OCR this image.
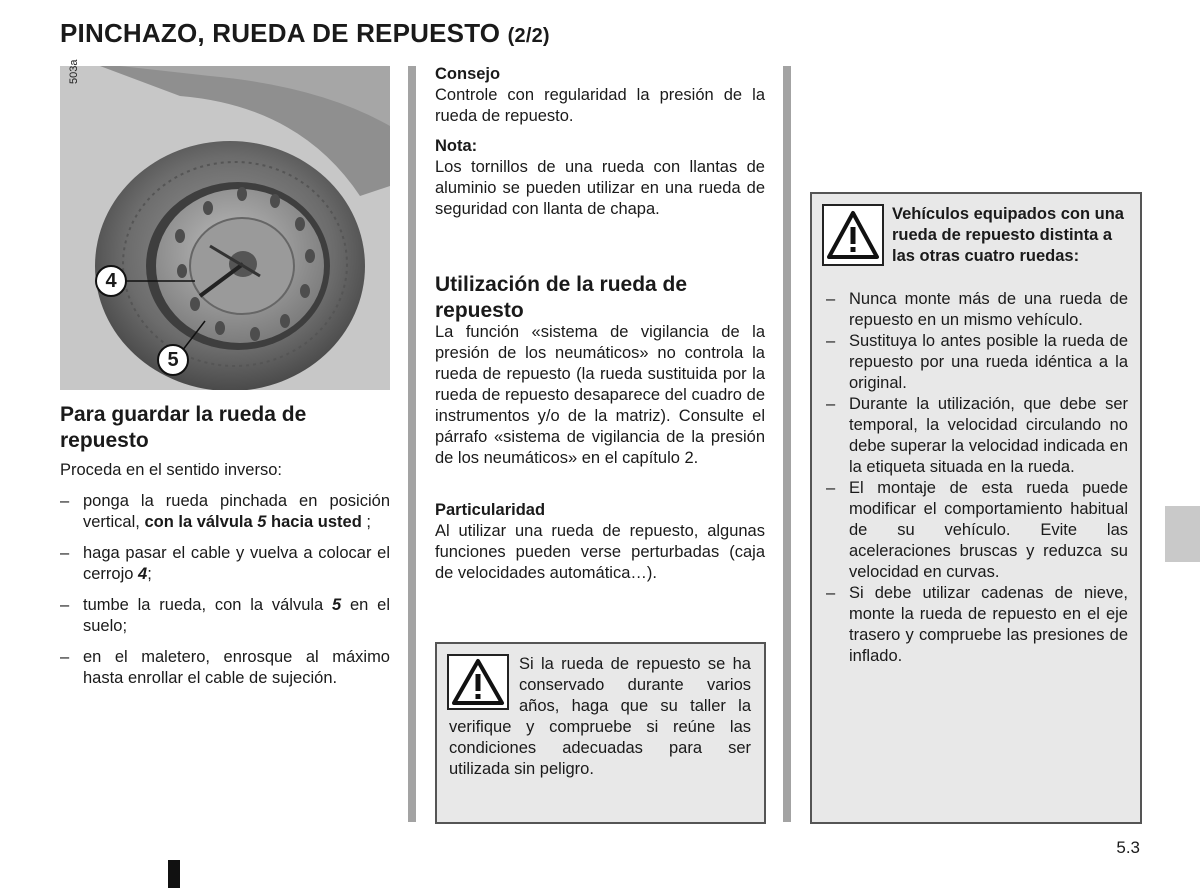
PINCHAZO, RUEDA DE REPUESTO (2/2)
503a
4
5
Para guardar la rueda de repuesto
Proceda en el sentido inverso:
– ponga la rueda pinchada en posición vertical, con la válvula 5 hacia usted ;
– haga pasar el cable y vuelva a colocar el cerrojo 4;
– tumbe la rueda, con la válvula 5 en el suelo;
– en el maletero, enrosque al máximo hasta enrollar el cable de sujeción.
Consejo
Controle con regularidad la presión de la rueda de repuesto.
Nota:
Los tornillos de una rueda con llantas de aluminio se pueden utilizar en una rueda de seguridad con llanta de chapa.
Utilización de la rueda de repuesto
La función «sistema de vigilancia de la presión de los neumáticos» no controla la rueda de repuesto (la rueda sustituida por la rueda de repuesto desaparece del cuadro de instrumentos y/o de la matriz). Consulte el párrafo «sistema de vigilancia de la presión de los neumáticos» en el capítulo 2.
Particularidad
Al utilizar una rueda de repuesto, algunas funciones pueden verse perturbadas (caja de velocidades automática…).
Si la rueda de repuesto se ha conservado durante varios años, haga que su taller la verifique y compruebe si reúne las condiciones adecuadas para ser utilizada sin peligro.
Vehículos equipados con una rueda de repuesto distinta a las otras cuatro ruedas:
– Nunca monte más de una rueda de repuesto en un mismo vehículo.
– Sustituya lo antes posible la rueda de repuesto por una rueda idéntica a la original.
– Durante la utilización, que debe ser temporal, la velocidad circulando no debe superar la velocidad indicada en la etiqueta situada en la rueda.
– El montaje de esta rueda puede modificar el comportamiento habitual de su vehículo. Evite las aceleraciones bruscas y reduzca su velocidad en curvas.
– Si debe utilizar cadenas de nieve, monte la rueda de repuesto en el eje trasero y compruebe las presiones de inflado.
5.3
